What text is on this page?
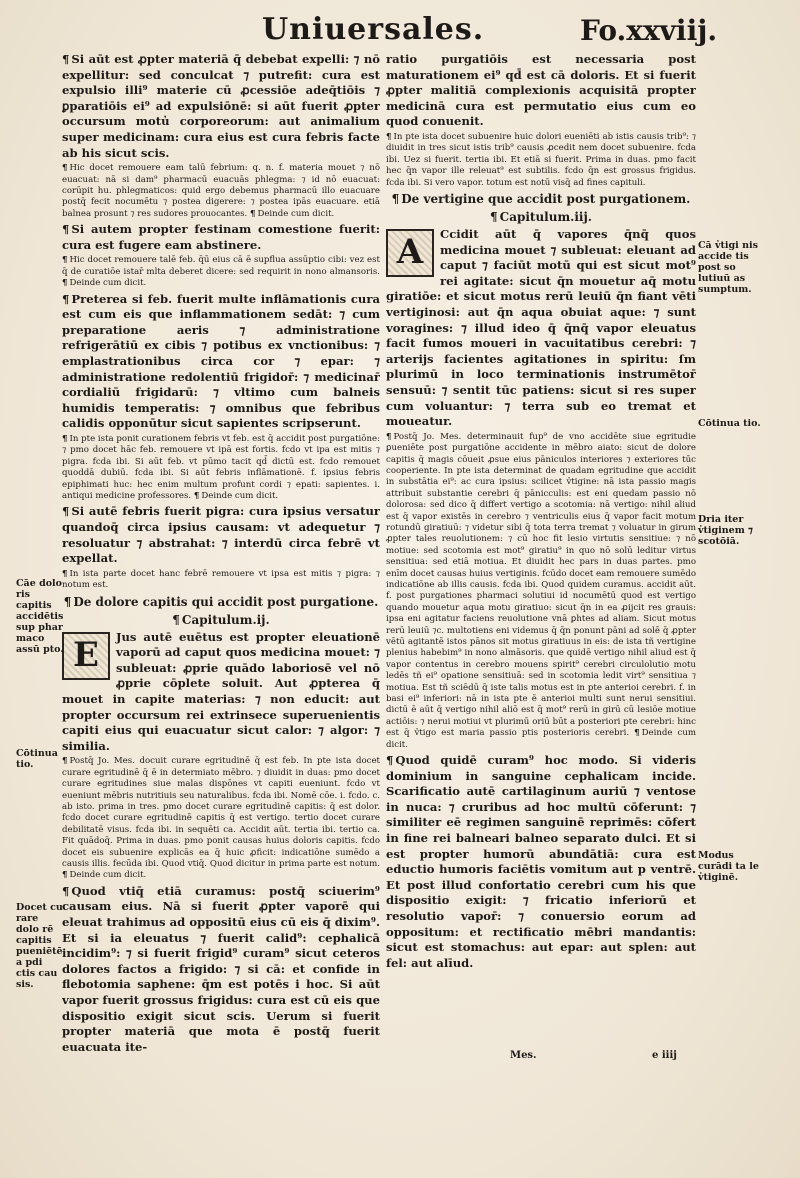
Uniuersales.	Fo.xxviij.

¶ Si aūt est ꝓpter materiā q̄ debebat expelli: ⁊ nō expellitur: sed conculcat ⁊ putrefit: cura est expulsio illi⁹ materie cū ꝓcessiōe adeq̄tiōis ⁊ ꝑparatiōis ei⁹ ad expulsiōnē: si aūt fuerit ꝓpter occursum motu̓ corporeorum: aut animalium super medicinam: cura eius est cura febris facte ab his sicut scis.

¶ Hic docet remouere eam talū febrium: q. n. f. materia mouet ⁊ nō euacuat: nā si dam⁹ pharmacū euacuās phlegma: ⁊ id nō euacuat: corūpit hu. phlegmaticos: quid ergo debemus pharmacū illo euacuare postq̄ fecit nocumētu ⁊ postea digerere: ⁊ postea ipās euacuare. etiā balnea prosunt ⁊ res sudores prouocantes. ¶ Deinde cum dicit.

¶ Si autem propter festinam comestione fuerit: cura est fugere eam abstinere.

¶ Hic docet remouere talē feb. q̄ū eius cā ē supflua assūptio cibi: vez est q̄ de curatiōe istar̄ mlta deberet dicere: sed requirit in nono almansoris. ¶ Deinde cum dicit.

¶ Preterea si feb. fuerit multe inflāmationis cura est cum eis que inflammationem sedāt: ⁊ cum preparatione aeris ⁊ administratione refrigerātiū ex cibis ⁊ potibus ex vnctionibus: ⁊ emplastrationibus circa cor ⁊ epar: ⁊ administratione redolentiū frigidor̄: ⁊ medicinar̄ cordialiū frigidarū: ⁊ vltimo cum balneis humidis temperatis: ⁊ omnibus que febribus calidis opponūtur sicut sapientes scripserunt.

¶ In pte ista ponit curationem febris vt feb. est q̄ accidit post purgatiōne: ⁊ pmo docet hāc feb. remouere vt ipā est fortis. fcdo vt ipa est mitis ⁊ pigra. fcda ibi. Si aūt feb. vt pūmo tacit qd̄ dictū est. fcdo remouet quoddā dubiū. fcda ibi. Si aūt febris inflāmationē. f. ipsius febris epiphimati huc: hec enim multum profunt cordi ⁊ epati: sapientes. i. antiqui medicine professores. ¶ Deinde cum dicit.

¶ Si autē febris fuerit pigra: cura ipsius versatur quandoq̄ circa ipsius causam: vt adequetur ⁊ resoluatur ⁊ abstrahat: ⁊ interdū circa febrē vt expellat.

¶ In ista parte docet hanc febrē remouere vt ipsa est mitis ⁊ pigra: ⁊ notum est.

¶ De dolore capitis qui accidit post purgatione.

¶ Capitulum.ij.

E	Jus autē euētus est propter eleuationē vaporū ad caput quos medicina mouet: ⁊ subleuat: ꝓprie quādo laboriosē vel nō ꝓprie cōplete soluit. Aut ꝓpterea q̄ mouet in capite materias: ⁊ non educit: aut propter occursum rei extrinsece superuenientis capiti eius qui euacuatur sicut calor: ⁊ algor: ⁊ similia.

¶ Postq̄ Jo. Mes. docuit curare egritudinē q̄ est feb. In pte ista docet curare egritudinē q̄ ē in determiato mēbro. ⁊ diuidit in duas: pmo docet curare egritudines siue malas dispōnes vt capiti eueniunt. fcdo vt eueniunt mēbris nutritiuis seu naturalibus. fcda ibi. Nomē cōe. i. fcdo. c. ab isto. prima in tres. pmo docet curare egritudinē capitis: q̄ est dolor. fcdo docet curare egritudinē capitis q̄ est vertigo. tertio docet curare debilitatē visus. fcda ibi. in sequēti ca. Accidit aūt. tertia ibi. tertio ca. Fit quādoq̄. Prima in duas. pmo ponit causas huius doloris capitis. fcdo docet eis subuenire explicās ea q̄ huic ꝓficit: indicatiōne sumēdo a causis illis. fecūda ibi. Quod vtiq̄. Quod dicitur in prima parte est notum. ¶ Deinde cum dicit.

¶ Quod vtiq̄ etiā curamus: postq̄ sciuerim⁹ causam eius. Nā si fuerit ꝓpter vaporē qui eleuat trahimus ad oppositū eius cū eis q̄ dixim⁹. Et si ia eleuatus ⁊ fuerit calid⁹: cephalicā incidim⁹: ⁊ si fuerit frigid⁹ curam⁹ sicut ceteros dolores factos a frigido: ⁊ si cā: et confide in flebotomia saphene: q̄m est potēs i hoc. Si aūt vapor fuerit grossus frigidus: cura est cū eis que dispositio exigit sicut scis. Uerum si fuerit propter materiā que mota ē postq̄ fuerit euacuata ite-

Cāe dolo ris capitis accidētis sup phar maco assū pto.
Cōtinua tio.
Docet cu rare dolo rē capitis pueniētē a pdi ctis cau sis.

ratio purgatiōis est necessaria post maturationem ei⁹ qd̄ est cā doloris. Et si fuerit ꝓpter malitiā complexionis acquisitā propter medicinā cura est permutatio eius cum eo quod conuenit.

¶ In pte ista docet subuenire huic dolori eueniēti ab istis causis trib⁹: ⁊ diuidit in tres sicut istis trib⁹ causis ꝓcedit nem docet subuenire. fcda ibi. Uez si fuerit. tertia ibi. Et etiā si fuerit. Prima in duas. pmo facit hec q̄n vapor ille releuat⁹ est subtilis. fcdo q̄n est grossus frigidus. fcda ibi. Si vero vapor. totum est notū visq̄ ad fines capituli.

¶ De vertigine que accidit post purgationem.

¶ Capitulum.iij.

A	Ccidit aūt q̄ vapores q̄nq̄ quos medicina mouet ⁊ subleuat: eleuant ad caput ⁊ faciūt motū qui est sicut mot⁹ rei agitate: sicut q̄n mouetur aq̄ motu giratiōe: et sicut motus rerū leuiū q̄n fiant vēti vertiginosi: aut q̄n aqua obuiat aque: ⁊ sunt voragines: ⁊ illud ideo q̄ q̄nq̄ vapor eleuatus facit fumos moueri in vacuitatibus cerebri: ⁊ arterijs facientes agitationes in spiritu: ſm plurimū in loco terminationis instrumētor̄ sensuū: ⁊ sentit tūc patiens: sicut si res super cum voluantur: ⁊ terra sub eo tremat et moueatur.

¶ Postq̄ Jo. Mes. determinauit fup⁹ de vno accidēte siue egritudie ꝑueniēte post purgatiōne accidente in mēbro aiato: sicut de dolore capitis q̄ magis cōueit ꝓsue eius pāniculos interiores ⁊ exteriores tūc cooperiente. In pte ista determinat de quadam egritudine que accidit in substātia ei⁹: ac cura ipsius: scilicet v̓tigine: nā ista passio magis attribuit substantie cerebri q̄ pānicculis: est eni quedam passio nō dolorosa: sed dico q̄ differt vertigo a scotomia: nā vertigo: nihil aliud est q̄ vapor existēs in cerebro ⁊ ventriculis eius q̄ vapor facit motum rotundū giratiuū: ⁊ videtur sibi q̄ tota terra tremat ⁊ voluatur in girum ꝓpter tales reuolutionem: ⁊ cū hoc fit lesio virtutis sensitiue: ⁊ nō motiue: sed scotomia est mot⁹ giratiu⁹ in quo nō solū leditur virtus sensitiua: sed etiā motiua. Et diuidit hec pars in duas partes. pmo enīm docet causas huius vertiginis. fcūdo docet eam remouere sumēdo indicatiōne ab illis causis. fcda ibi. Quod quidem curamus. accidit aūt. f. post purgationes pharmaci solutiui id nocumētū quod est vertigo quando mouetur aqua motu giratiuo: sicut q̄n in ea ꝓijcit res grauis: ipsa eni agitatur faciens reuolutione vnā ꝑhtes ad aliam. Sicut motus rerū leuiū ⁊c. multotiens eni videmus q̄ q̄n ponunt pāni ad solē q̄ ꝓpter vētū agitantē istos pānos sit motus giratiuus in eis: de ista tñ vertigine plenius habebim⁹ in nono almāsoris. que quidē vertigo nihil aliud est q̄ vapor contentus in cerebro mouens spirit⁹ cerebri circulolutio motu ledēs tñ ei⁹ opatione sensitiuā: sed in scotomia ledit virt⁹ sensitiua ⁊ motiua. Est tñ sciēdū q̄ iste talis motus est in pte anterioi cerebri. f. in basi ei⁹ inferiori: nā in ista pte ē anterioi multi sunt nerui sensitiui. dictū ē aūt q̄ vertigo nihil aliō est q̄ mot⁹ rerū in girū cū lesiōe motiue actiōis: ⁊ nerui motiui vt plurimū oriū būt a posteriori pte cerebri: hinc est q̄ v̓tigo est maria passio ptis posterioris cerebri. ¶ Deinde cum dicit.

¶ Quod quidē curam⁹ hoc modo. Si videris dominium in sanguine cephalicam incide. Scarificatio autē cartilaginum auriū ⁊ ventose in nuca: ⁊ cruribus ad hoc multū cōferunt: ⁊ similiter eē regimen sanguinē reprimēs: cōfert in fine rei balneari balneo separato dulci. Et si est propter humorū abundātiā: cura est eductio humoris faciētis vomitum aut p ventrē. Et post illud confortatio cerebri cum his que dispositio exigit: ⁊ fricatio inferiorū et resolutio vapor̄: ⁊ conuersio eorum ad oppositum: et rectificatio mēbri mandantis: sicut est stomachus: aut epar: aut splen: aut fel: aut alīud.

Cā v̓tigi nis accide tis post so lutiuū as sumptum.
Cōtinua tio.
Dria iter v̓tiginem ⁊ scotōiā.
Modus curādi ta le v̓tiginē.
Mes.	e iiij
